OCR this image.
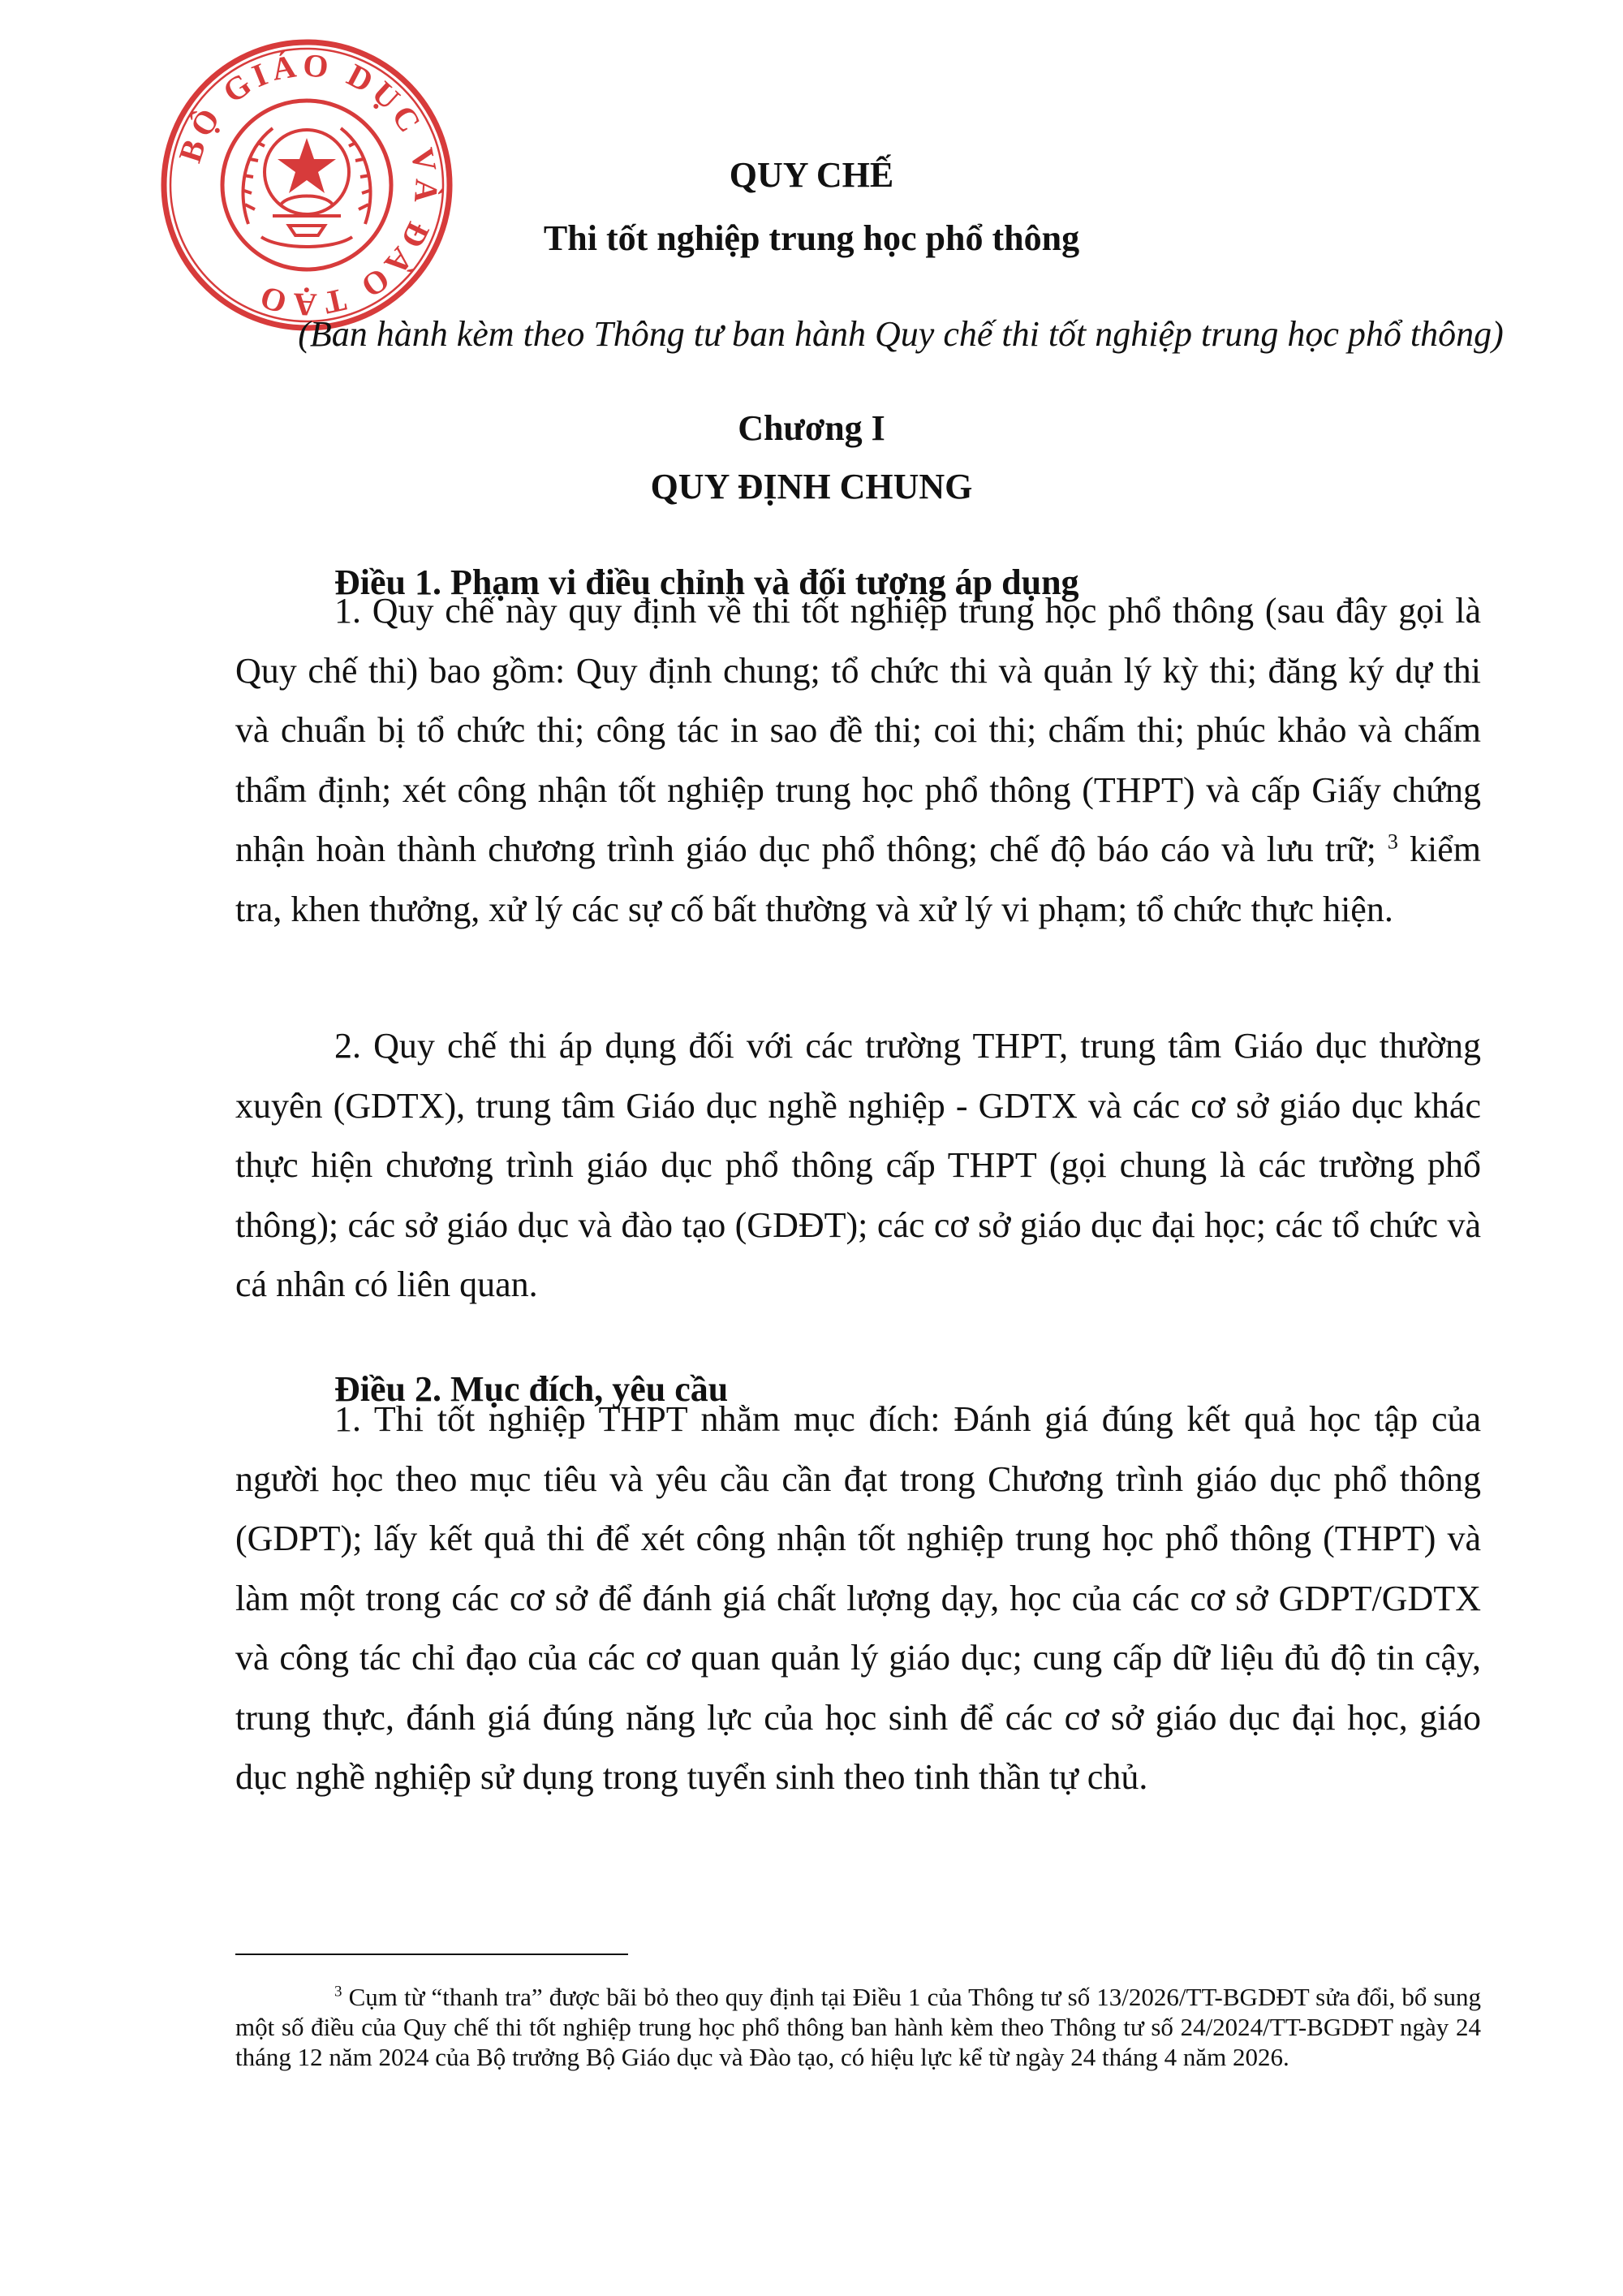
BỘ GIÁO DỤC VÀ ĐÀO TẠO

QUY CHẾ

Thi tốt nghiệp trung học phổ thông

(Ban hành kèm theo Thông tư ban hành Quy chế thi tốt nghiệp trung học phổ thông)

Chương I

QUY ĐỊNH CHUNG

Điều 1. Phạm vi điều chỉnh và đối tượng áp dụng

1. Quy chế này quy định về thi tốt nghiệp trung học phổ thông (sau đây gọi là Quy chế thi) bao gồm: Quy định chung; tổ chức thi và quản lý kỳ thi; đăng ký dự thi và chuẩn bị tổ chức thi; công tác in sao đề thi; coi thi; chấm thi; phúc khảo và chấm thẩm định; xét công nhận tốt nghiệp trung học phổ thông (THPT) và cấp Giấy chứng nhận hoàn thành chương trình giáo dục phổ thông; chế độ báo cáo và lưu trữ; $^3$ kiểm tra, khen thưởng, xử lý các sự cố bất thường và xử lý vi phạm; tổ chức thực hiện.

2. Quy chế thi áp dụng đối với các trường THPT, trung tâm Giáo dục thường xuyên (GDTX), trung tâm Giáo dục nghề nghiệp - GDTX và các cơ sở giáo dục khác thực hiện chương trình giáo dục phổ thông cấp THPT (gọi chung là các trường phổ thông); các sở giáo dục và đào tạo (GDĐT); các cơ sở giáo dục đại học; các tổ chức và cá nhân có liên quan.

Điều 2. Mục đích, yêu cầu

1. Thi tốt nghiệp THPT nhằm mục đích: Đánh giá đúng kết quả học tập của người học theo mục tiêu và yêu cầu cần đạt trong Chương trình giáo dục phổ thông (GDPT); lấy kết quả thi để xét công nhận tốt nghiệp trung học phổ thông (THPT) và làm một trong các cơ sở để đánh giá chất lượng dạy, học của các cơ sở GDPT/GDTX và công tác chỉ đạo của các cơ quan quản lý giáo dục; cung cấp dữ liệu đủ độ tin cậy, trung thực, đánh giá đúng năng lực của học sinh để các cơ sở giáo dục đại học, giáo dục nghề nghiệp sử dụng trong tuyển sinh theo tinh thần tự chủ.

$^3$ Cụm từ “thanh tra” được bãi bỏ theo quy định tại Điều 1 của Thông tư số 13/2026/TT-BGDĐT sửa đổi, bổ sung một số điều của Quy chế thi tốt nghiệp trung học phổ thông ban hành kèm theo Thông tư số 24/2024/TT-BGDĐT ngày 24 tháng 12 năm 2024 của Bộ trưởng Bộ Giáo dục và Đào tạo, có hiệu lực kể từ ngày 24 tháng 4 năm 2026.
